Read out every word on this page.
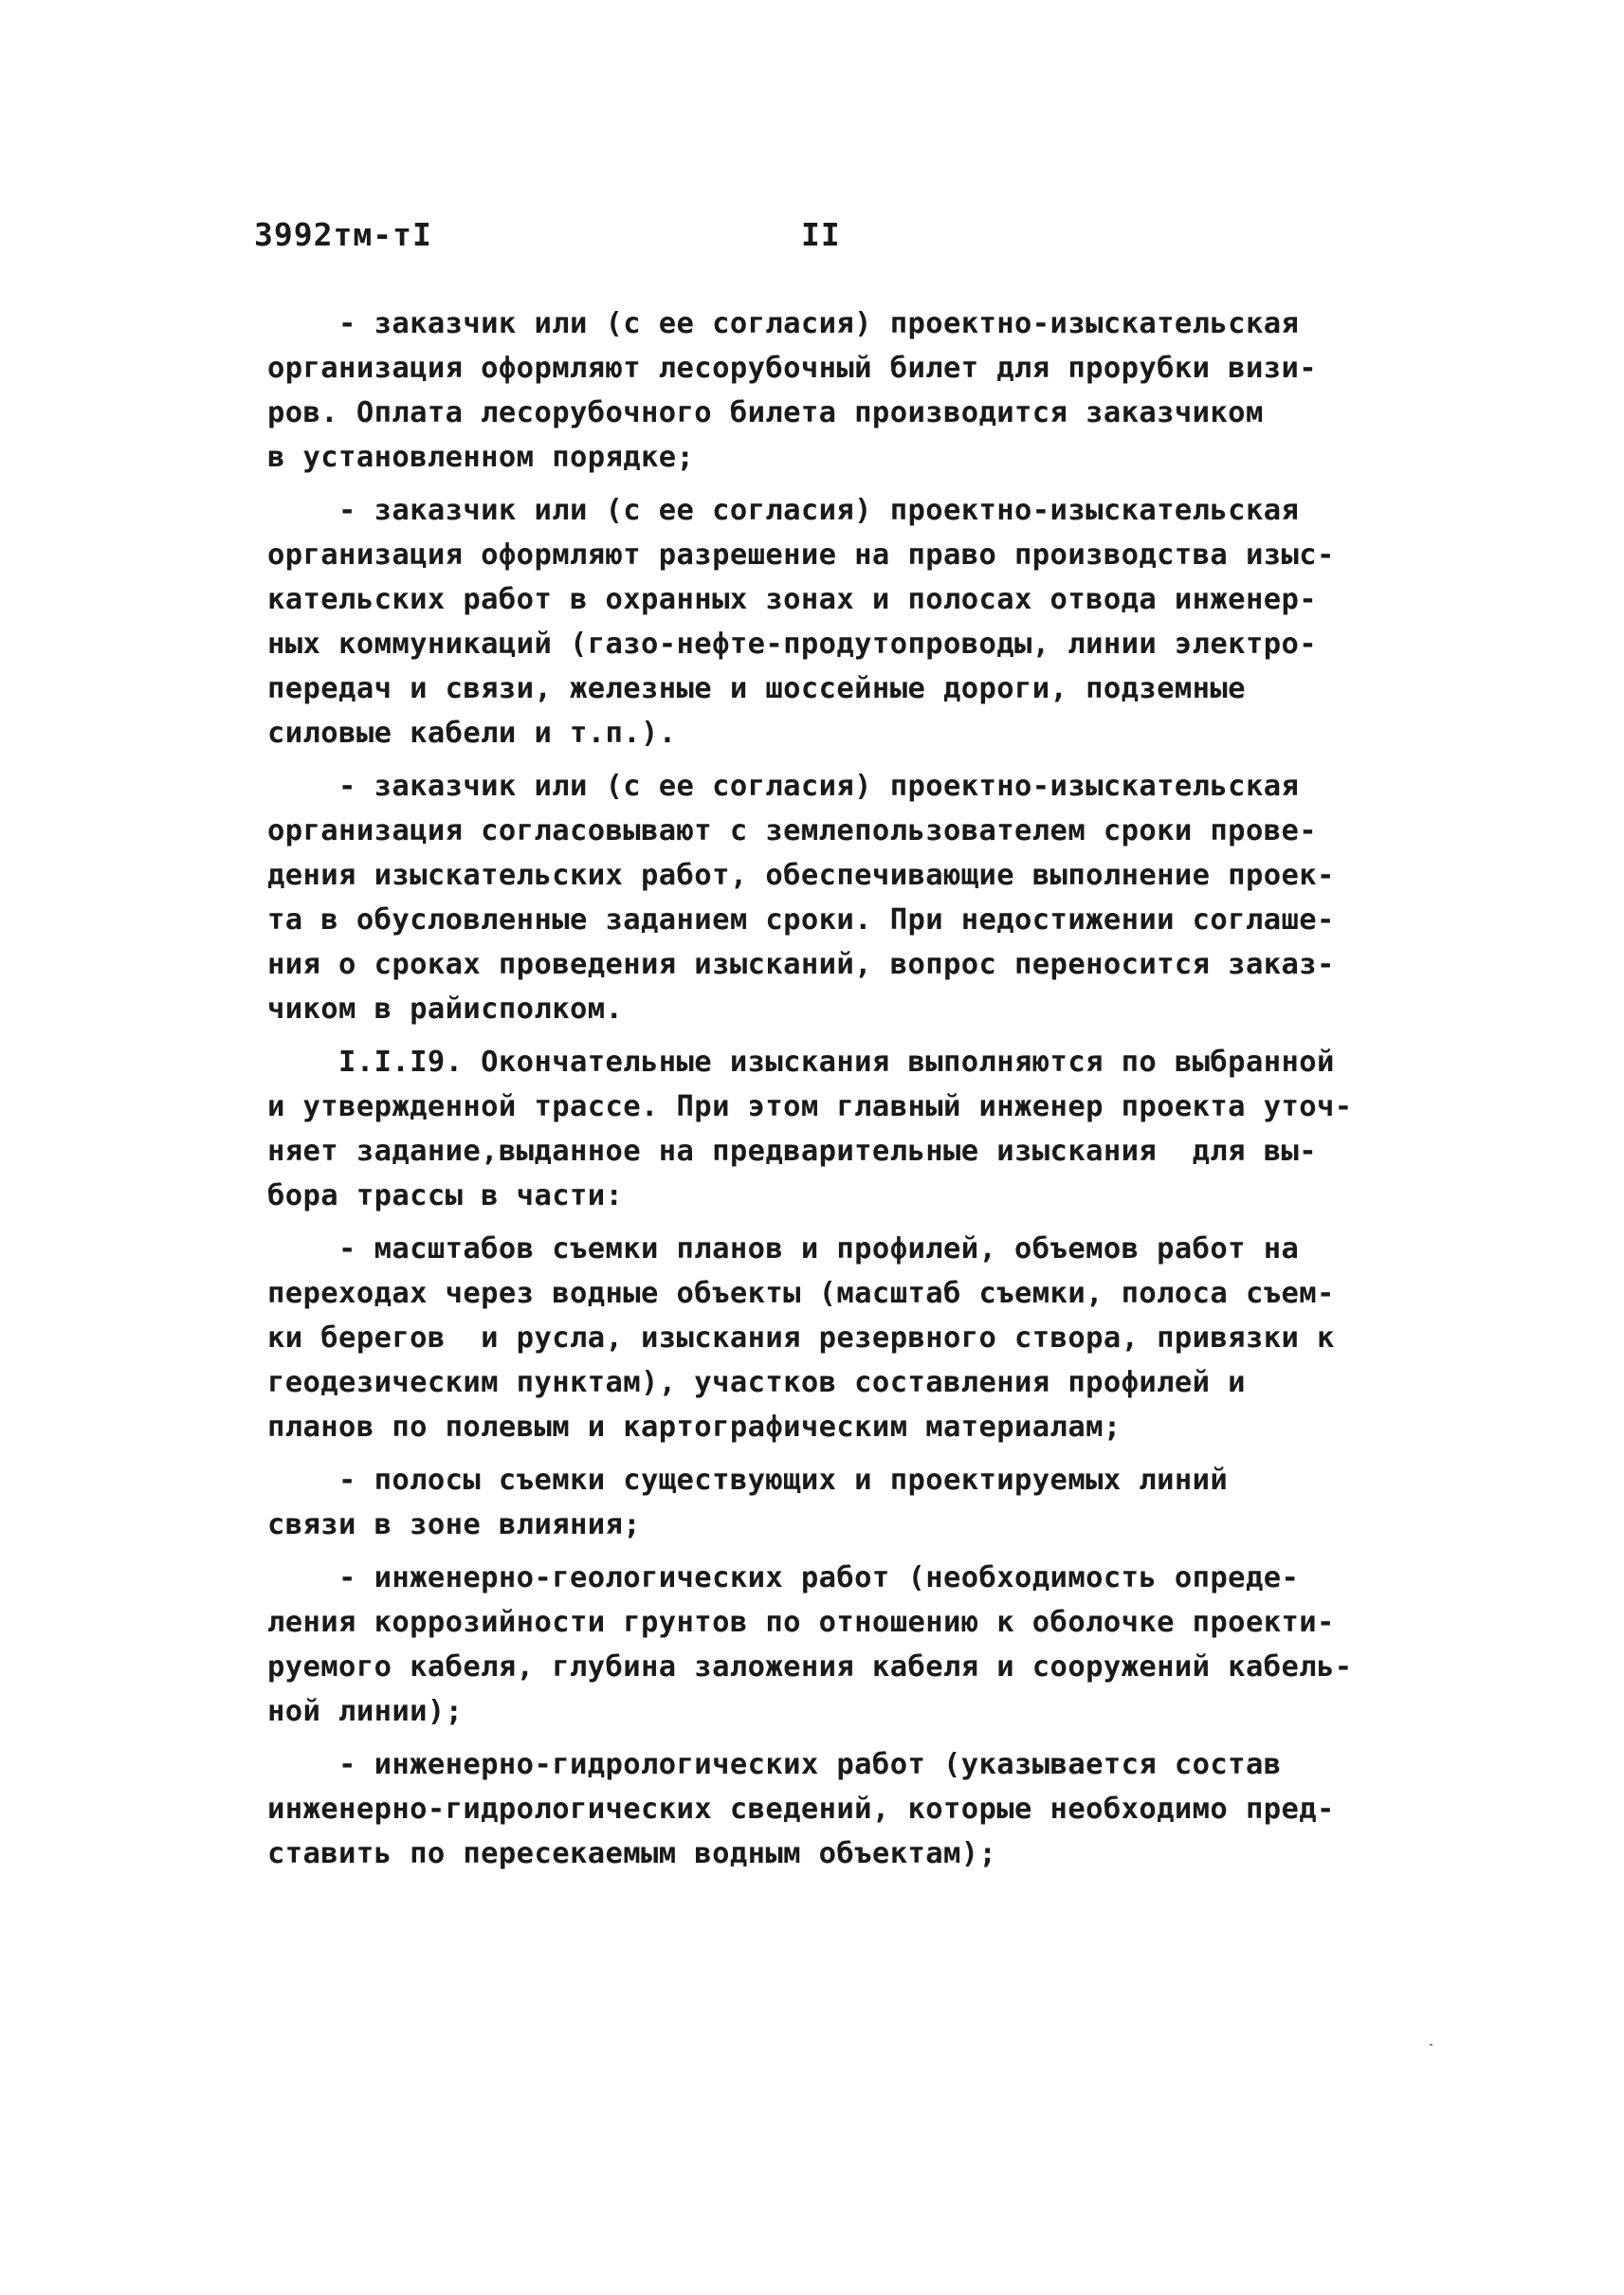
3992тм-тI	II
- заказчик или (с ее согласия) проектно-изыскательская
организация оформляют лесорубочный билет для прорубки визи-
ров. Оплата лесорубочного билета производится заказчиком
в установленном порядке;
- заказчик или (с ее согласия) проектно-изыскательская
организация оформляют разрешение на право производства изыс-
кательских работ в охранных зонах и полосах отвода инженер-
ных коммуникаций (газо-нефте-продутопроводы, линии электро-
передач и связи, железные и шоссейные дороги, подземные
силовые кабели и т.п.).
- заказчик или (с ее согласия) проектно-изыскательская
организация согласовывают с землепользователем сроки прове-
дения изыскательских работ, обеспечивающие выполнение проек-
та в обусловленные заданием сроки. При недостижении соглаше-
ния о сроках проведения изысканий, вопрос переносится заказ-
чиком в райисполком.
I.I.I9. Окончательные изыскания выполняются по выбранной
и утвержденной трассе. При этом главный инженер проекта уточ-
няет задание,выданное на предварительные изыскания  для вы-
бора трассы в части:
- масштабов съемки планов и профилей, объемов работ на
переходах через водные объекты (масштаб съемки, полоса съем-
ки берегов  и русла, изыскания резервного створа, привязки к
геодезическим пунктам), участков составления профилей и
планов по полевым и картографическим материалам;
- полосы съемки существующих и проектируемых линий
связи в зоне влияния;
- инженерно-геологических работ (необходимость опреде-
ления коррозийности грунтов по отношению к оболочке проекти-
руемого кабеля, глубина заложения кабеля и сооружений кабель-
ной линии);
- инженерно-гидрологических работ (указывается состав
инженерно-гидрологических сведений, которые необходимо пред-
ставить по пересекаемым водным объектам);
